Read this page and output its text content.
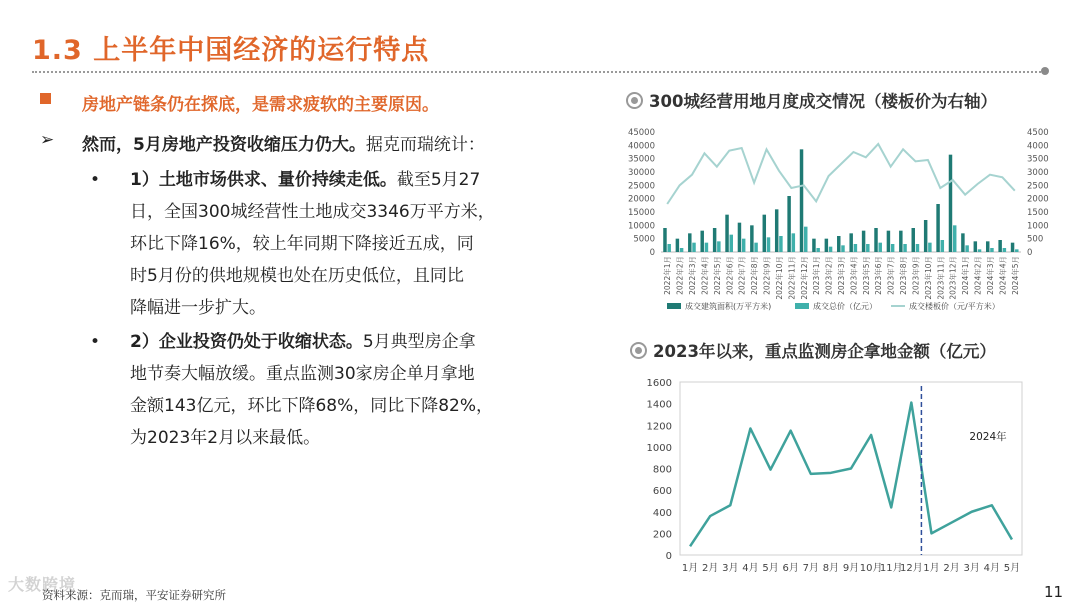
1.3 上半年中国经济的运行特点
房地产链条仍在探底，是需求疲软的主要原因。
➢ 然而，5月房地产投资收缩压力仍大。据克而瑞统计：
• 1）土地市场供求、量价持续走低。截至5月27
日，全国300城经营性土地成交3346万平方米，
环比下降16%，较上年同期下降接近五成，同
时5月份的供地规模也处在历史低位，且同比
降幅进一步扩大。
• 2）企业投资仍处于收缩状态。5月典型房企拿
地节奏大幅放缓。重点监测30家房企单月拿地
金额143亿元，环比下降68%，同比下降82%，
为2023年2月以来最低。
300城经营用地月度成交情况（楼板价为右轴）
0
5000
10000
15000
20000
25000
30000
35000
40000
45000
0
500
1000
1500
2000
2500
3000
3500
4000
4500
2022年1月 2022年2月 2022年3月 2022年4月 2022年5月 2022年6月 2022年7月 2022年8月 2022年9月 2022年10月 2022年11月 2022年12月 2023年1月 2023年2月 2023年3月 2023年4月 2023年5月 2023年6月 2023年7月 2023年8月 2023年9月 2023年10月 2023年11月 2023年12月 2024年1月 2024年2月 2024年3月 2024年4月 2024年5月
成交建筑面积(万平方米)	成交总价（亿元）	成交楼板价（元/平方米）
2023年以来，重点监测房企拿地金额（亿元）
0
200
400
600
800
1000
1200
1400
1600
1月 2月 3月 4月 5月 6月 7月 8月 9月 10月
11月
12月 1月 2月 3月 4月 5月
2024年
大数跨境
资料来源：克而瑞，平安证券研究所	11
